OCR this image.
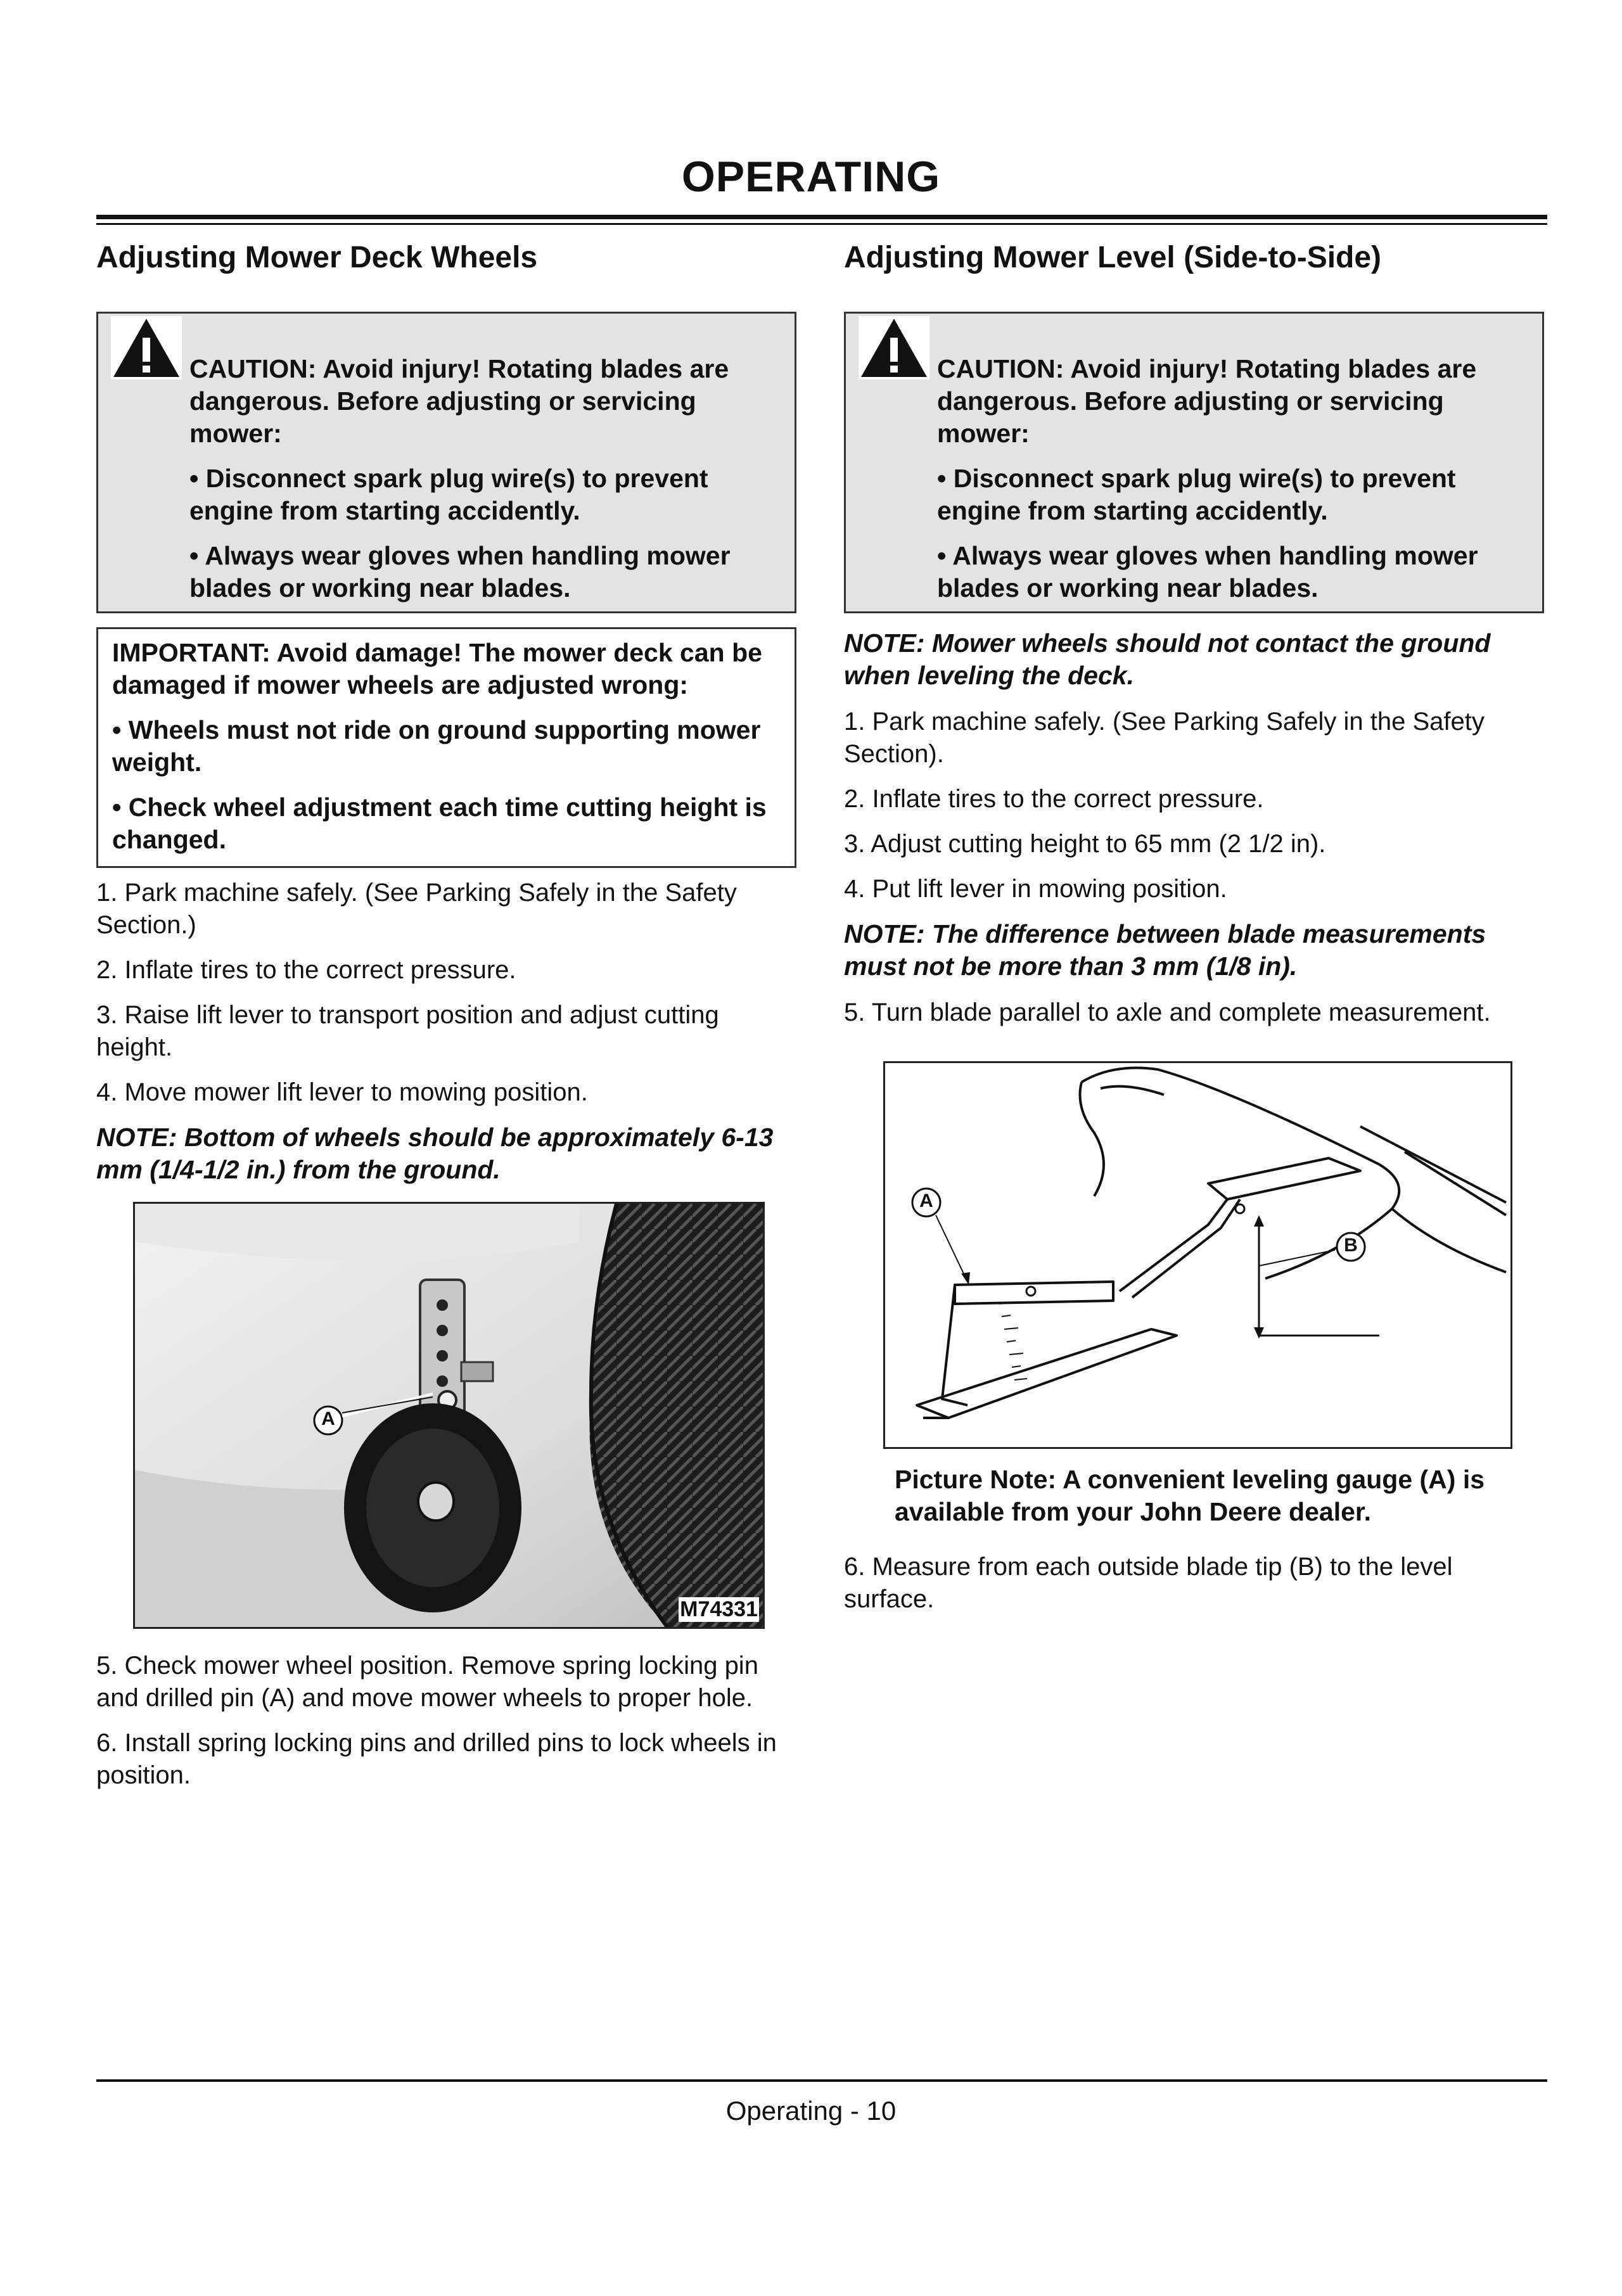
OPERATING
Adjusting Mower Deck Wheels

CAUTION: Avoid injury! Rotating blades are dangerous. Before adjusting or servicing mower:

• Disconnect spark plug wire(s) to prevent engine from starting accidently.

• Always wear gloves when handling mower blades or working near blades.

IMPORTANT: Avoid damage! The mower deck can be damaged if mower wheels are adjusted wrong:

• Wheels must not ride on ground supporting mower weight.

• Check wheel adjustment each time cutting height is changed.

1. Park machine safely. (See Parking Safely in the Safety Section.)

2. Inflate tires to the correct pressure.

3. Raise lift lever to transport position and adjust cutting height.

4. Move mower lift lever to mowing position.

NOTE: Bottom of wheels should be approximately 6-13 mm (1/4-1/2 in.) from the ground.

A
M74331

5. Check mower wheel position. Remove spring locking pin and drilled pin (A) and move mower wheels to proper hole.

6. Install spring locking pins and drilled pins to lock wheels in position.

Adjusting Mower Level (Side-to-Side)

CAUTION: Avoid injury! Rotating blades are dangerous. Before adjusting or servicing mower:

• Disconnect spark plug wire(s) to prevent engine from starting accidently.

• Always wear gloves when handling mower blades or working near blades.

NOTE: Mower wheels should not contact the ground when leveling the deck.

1. Park machine safely. (See Parking Safely in the Safety Section).

2. Inflate tires to the correct pressure.

3. Adjust cutting height to 65 mm (2 1/2 in).

4. Put lift lever in mowing position.

NOTE: The difference between blade measurements must not be more than 3 mm (1/8 in).

5. Turn blade parallel to axle and complete measurement.

A
B

Picture Note: A convenient leveling gauge (A) is available from your John Deere dealer.

6. Measure from each outside blade tip (B) to the level surface.

Operating - 10
